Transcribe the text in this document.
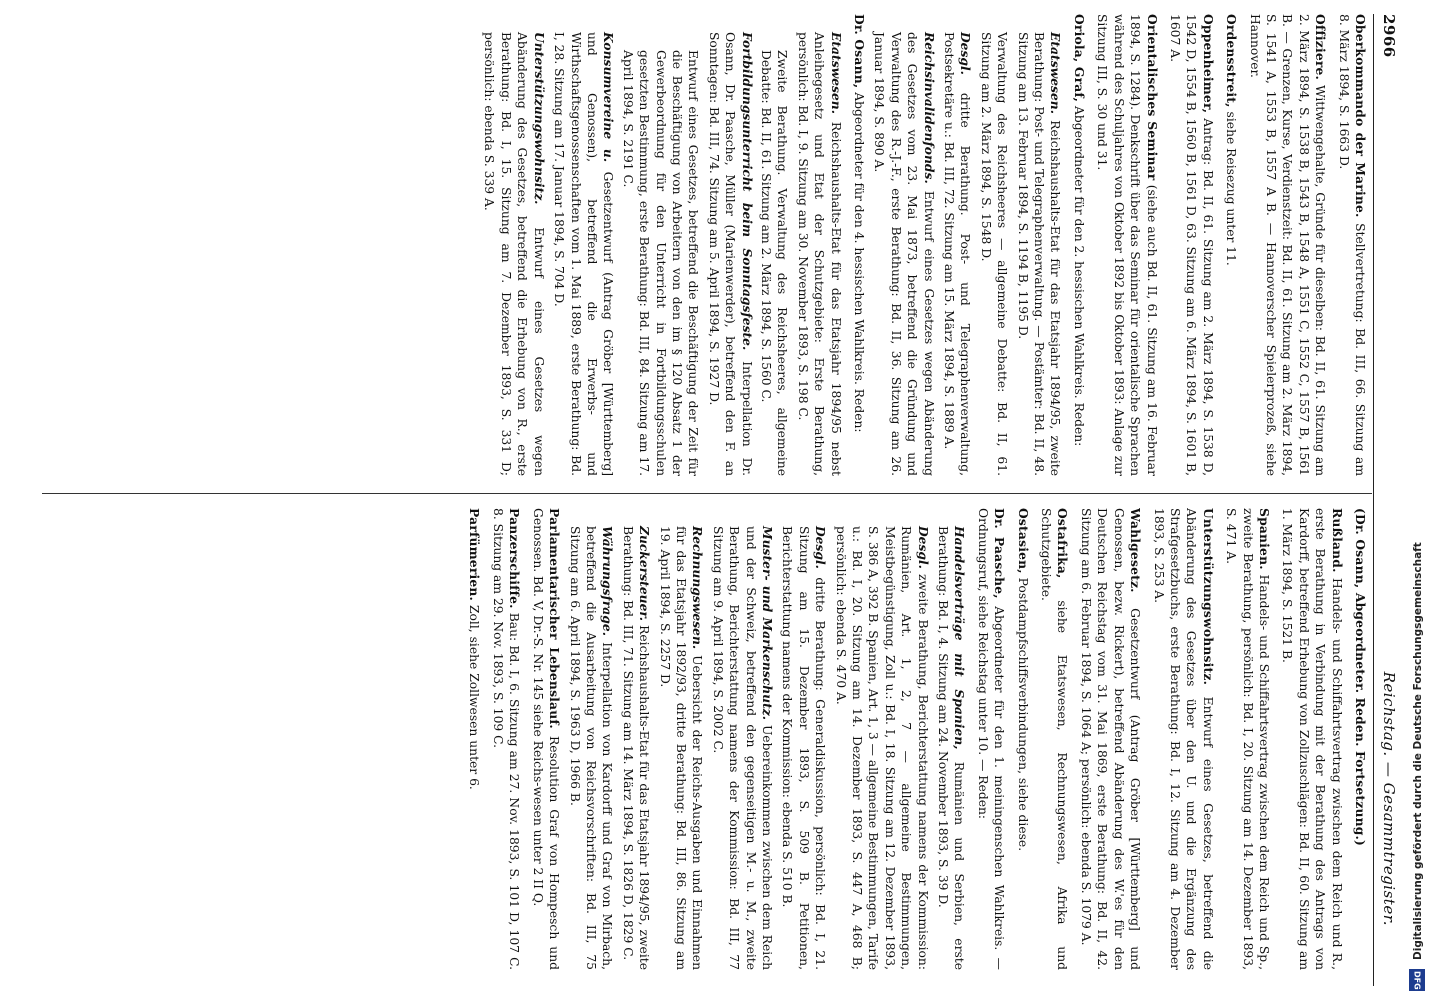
2966
Reichstag. — Gesammtregister.
Oberkommando der Marine. Stellvertretung: Bd. III, 66. Sitzung am 8. März 1894, S. 1663 D.
Offiziere. Wittwengehalte, Gründe für dieselben: Bd. II, 61. Sitzung am 2. März 1894, S. 1538 B, 1543 B, 1548 A, 1551 C, 1552 C, 1557 B, 1561 B. — Grenzen, Kurse, Verdienstzeit: Bd. II, 61. Sitzung am 2. März 1894, S. 1541 A, 1553 B, 1557 A B. — Hannoverscher Spielerprozeß, siehe Hannover.
Ordensstreit, siehe Reisezug unter 11.
Oppenheimer, Antrag: Bd. II, 61. Sitzung am 2. März 1894, S. 1538 D, 1542 D, 1554 B, 1560 B, 1561 D, 63. Sitzung am 6. März 1894, S. 1601 B, 1607 A.
Orientalisches Seminar (siehe auch Bd. II, 61. Sitzung am 16. Februar 1894, S. 1284). Denkschrift über das Seminar für orientalische Sprachen während des Schuljahres von Oktober 1892 bis Oktober 1893: Anlage zur Sitzung III, S. 30 und 31.
Oriola, Graf, Abgeordneter für den 2. hessischen Wahlkreis. Reden:
Etatswesen. Reichshaushalts-Etat für das Etatsjahr 1894/95, zweite Berathung: Post- und Telegraphenverwaltung. — Postämter: Bd. II, 48. Sitzung am 13. Februar 1894, S. 1194 B, 1195 D.
Verwaltung des Reichsheeres — allgemeine Debatte: Bd. II, 61. Sitzung am 2. März 1894, S. 1548 D.
Desgl. dritte Berathung. Post- und Telegraphenverwaltung, Postsekretäre u.: Bd. III, 72. Sitzung am 15. März 1894, S. 1889 A.
Reichsinvalidenfonds. Entwurf eines Gesetzes wegen Abänderung des Gesetzes vom 23. Mai 1873, betreffend die Gründung und Verwaltung des R.-J.-F., erste Berathung: Bd. II, 36. Sitzung am 26. Januar 1894, S. 890 A.
Dr. Osann, Abgeordneter für den 4. hessischen Wahlkreis. Reden:
Etatswesen. Reichshaushalts-Etat für das Etatsjahr 1894/95 nebst Anleihegesetz und Etat der Schutzgebiete: Erste Berathung, persönlich: Bd. I, 9. Sitzung am 30. November 1893, S. 198 C.
Zweite Berathung. Verwaltung des Reichsheeres, allgemeine Debatte: Bd. II, 61. Sitzung am 2. März 1894, S. 1560 C.
Fortbildungsunterricht beim Sonntagsfeste. Interpellation Dr. Osann, Dr. Paasche, Müller (Marienwerder), betreffend den F. an Sonntagen: Bd. III, 74. Sitzung am 5. April 1894, S. 1927 D.
Entwurf eines Gesetzes, betreffend die Beschäftigung der Zeit für die Beschäftigung von Arbeitern von den im § 120 Absatz 1 der Gewerbeordnung für den Unterricht in Fortbildungsschulen gesetzten Bestimmung, erste Berathung: Bd. III, 84. Sitzung am 17. April 1894, S. 2191 C.
Konsumvereine u. Gesetzentwurf (Antrag Gröber [Württemberg] und Genossen), betreffend die Erwerbs- und Wirthschaftsgenossenschaften vom 1. Mai 1889, erste Berathung: Bd. I, 28. Sitzung am 17. Januar 1894, S. 704 D.
Unterstützungswohnsitz. Entwurf eines Gesetzes wegen Abänderung des Gesetzes, betreffend die Erhebung von R., erste Berathung: Bd. I, 15. Sitzung am 7. Dezember 1893, S. 331 D; persönlich: ebenda S. 339 A.
(Dr. Osann, Abgeordneter. Reden. Fortsetzung.)
Rußland. Handels- und Schiffahrtsvertrag zwischen dem Reich und R., erste Berathung in Verbindung mit der Berathung des Antrags von Kardorff, betreffend Erhebung von Zollzuschlägen: Bd. II, 60. Sitzung am 1. März 1894, S. 1521 B.
Spanien. Handels- und Schiffahrtsvertrag zwischen dem Reich und Sp., zweite Berathung, persönlich: Bd. I, 20. Sitzung am 14. Dezember 1893, S. 471 A.
Unterstützungswohnsitz. Entwurf eines Gesetzes, betreffend die Abänderung des Gesetzes über den U. und die Ergänzung des Strafgesetzbuchs, erste Berathung: Bd. I, 12. Sitzung am 4. Dezember 1893, S. 253 A.
Wahlgesetz. Gesetzentwurf (Antrag Gröber [Württemberg] und Genossen, bezw. Rickert), betreffend Abänderung des W.'es für den Deutschen Reichstag vom 31. Mai 1869, erste Berathung: Bd. II, 42. Sitzung am 6. Februar 1894, S. 1064 A; persönlich: ebenda S. 1079 A.
Ostafrika, siehe Etatswesen, Rechnungswesen, Afrika und Schutzgebiete.
Ostasien, Postdampfschiffsverbindungen, siehe diese.
Dr. Paasche, Abgeordneter für den 1. meiningenschen Wahlkreis. — Ordnungsruf, siehe Reichstag unter 10. — Reden:
Handelsverträge mit Spanien, Rumänien und Serbien, erste Berathung: Bd. I, 4. Sitzung am 24. November 1893, S. 39 D.
Desgl. zweite Berathung, Berichterstattung namens der Kommission: Rumänien, Art. 1, 2, 7 — allgemeine Bestimmungen, Meistbegünstigung, Zoll u.: Bd. I, 18. Sitzung am 12. Dezember 1893, S. 386 A, 392 B. Spanien, Art. 1, 3 — allgemeine Bestimmungen, Tarife u.: Bd. I, 20. Sitzung am 14. Dezember 1893, S. 447 A, 468 B; persönlich: ebenda S. 470 A.
Desgl. dritte Berathung: Generaldiskussion, persönlich: Bd. I, 21. Sitzung am 15. Dezember 1893, S. 509 B. Petitionen, Berichterstattung namens der Kommission: ebenda S. 510 B.
Muster- und Markenschutz. Uebereinkommen zwischen dem Reich und der Schweiz, betreffend den gegenseitigen M.- u. M., zweite Berathung, Berichterstattung namens der Kommission: Bd. III, 77 Sitzung am 9. April 1894, S. 2002 C.
Rechnungswesen. Uebersicht der Reichs-Ausgaben und Einnahmen für das Etatsjahr 1892/93, dritte Berathung: Bd. III, 86. Sitzung am 19. April 1894, S. 2257 D.
Zuckersteuer. Reichshaushalts-Etat für das Etatsjahr 1894/95, zweite Berathung: Bd. III, 71. Sitzung am 14. März 1894, S. 1826 D, 1829 C.
Währungsfrage. Interpellation von Kardorff und Graf von Mirbach, betreffend die Ausarbeitung von Reichsvorschriften: Bd. III, 75 Sitzung am 6. April 1894, S. 1963 D, 1966 B.
Parlamentarischer Lebenslauf. Resolution Graf von Hompesch und Genossen. Bd. V, Dr.-S. Nr. 145 siehe Reichs-wesen unter 2 II Q.
Panzerschiffe. Bau: Bd. I, 6. Sitzung am 27. Nov. 1893, S. 101 D, 107 C. 8. Sitzung am 29. Nov. 1893, S. 109 C.
Parfümerien. Zoll, siehe Zollwesen unter 6.	Digitalisierung gefördert durch die Deutsche Forschungsgemeinschaft
DFG
